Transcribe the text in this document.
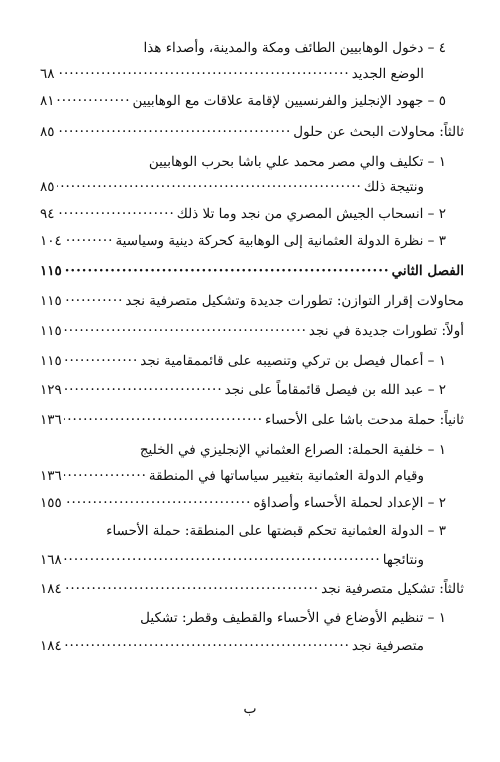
٤ – دخول الوهابيين الطائف ومكة والمدينة، وأصداء هذا
الوضع الجديد
·····
٦٨
٥ – جهود الإنجليز والفرنسيين لإقامة علاقات مع الوهابيين
·····
٨١
ثالثاً: محاولات البحث عن حلول
·····
٨٥
١ – تكليف والي مصر محمد علي باشا بحرب الوهابيين
ونتيجة ذلك
·····
٨٥
٢ – انسحاب الجيش المصري من نجد وما تلا ذلك
·····
٩٤
٣ – نظرة الدولة العثمانية إلى الوهابية كحركة دينية وسياسية
·····
١٠٤
الفصل الثاني
·····
١١٥
محاولات إقرار التوازن: تطورات جديدة وتشكيل متصرفية نجد
·····
١١٥
أولاً: تطورات جديدة في نجد
·····
١١٥
١ – أعمال فيصل بن تركي وتنصيبه على قائممقامية نجد
·····
١١٥
٢ – عبد الله بن فيصل قائمقاماً على نجد
·····
١٢٩
ثانياً: حملة مدحت باشا على الأحساء
·····
١٣٦
١ – خلفية الحملة: الصراع العثماني الإنجليزي في الخليج
وقيام الدولة العثمانية بتغيير سياساتها في المنطقة
·····
١٣٦
٢ – الإعداد لحملة الأحساء وأصداؤه
·····
١٥٥
٣ – الدولة العثمانية تحكم قبضتها على المنطقة: حملة الأحساء
ونتائجها
·····
١٦٨
ثالثاً: تشكيل متصرفية نجد
·····
١٨٤
١ – تنظيم الأوضاع في الأحساء والقطيف وقطر: تشكيل
متصرفية نجد
·····
١٨٤
ب
